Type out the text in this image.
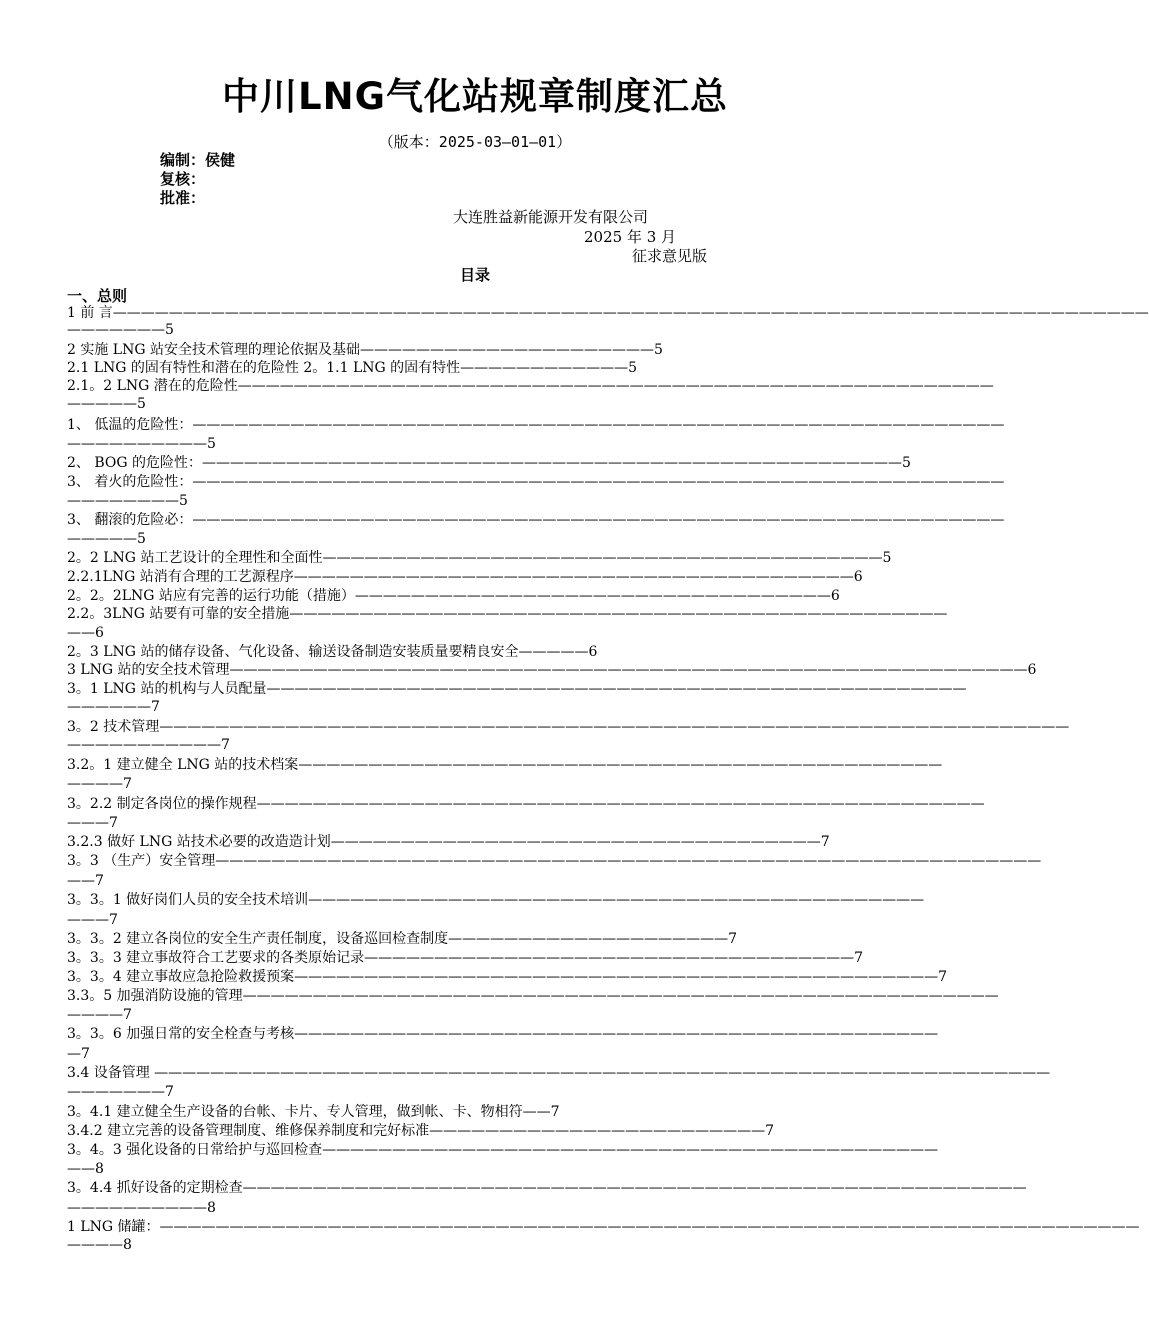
中川LNG气化站规章制度汇总
（版本：2025-03—01—01）
编制：侯健
复核：
批准：
大连胜益新能源开发有限公司
2025 年 3 月
征求意见版
目录
一、总则
1 前 言——————————————————————————————————————————————————————————————————————————
———————5
2 实施 LNG 站安全技术管理的理论依据及基础—————————————————————5
2.1 LNG 的固有特性和潜在的危险性 2。1.1 LNG 的固有特性————————————5
2.1。2 LNG 潜在的危险性——————————————————————————————————————————————————————
—————5
1、 低温的危险性：——————————————————————————————————————————————————————————
——————————5
2、 BOG 的危险性：——————————————————————————————————————————————————5
3、 着火的危险性：——————————————————————————————————————————————————————————
————————5
3、 翻滚的危险必：——————————————————————————————————————————————————————————
—————5
2。2 LNG 站工艺设计的全理性和全面性————————————————————————————————————————5
2.2.1LNG 站消有合理的工艺源程序————————————————————————————————————————6
2。2。2LNG 站应有完善的运行功能（措施）——————————————————————————————————6
2.2。3LNG 站要有可靠的安全措施———————————————————————————————————————————————
——6
2。3 LNG 站的储存设备、气化设备、输送设备制造安装质量要精良安全—————6
3 LNG 站的安全技术管理—————————————————————————————————————————————————————————6
3。1 LNG 站的机构与人员配量——————————————————————————————————————————————————
——————7
3。2 技术管理—————————————————————————————————————————————————————————————————
———————————7
3.2。1 建立健全 LNG 站的技术档案——————————————————————————————————————————————
————7
3。2.2 制定各岗位的操作规程————————————————————————————————————————————————————
———7
3.2.3 做好 LNG 站技术必要的改造造计划———————————————————————————————————7
3。3 （生产）安全管理———————————————————————————————————————————————————————————
——7
3。3。1 做好岗们人员的安全技术培训————————————————————————————————————————————
———7
3。3。2 建立各岗位的安全生产责任制度，设备巡回检查制度————————————————————7
3。3。3 建立事故符合工艺要求的各类原始记录———————————————————————————————————7
3。3。4 建立事故应急抢险救援预案——————————————————————————————————————————————7
3.3。5 加强消防设施的管理——————————————————————————————————————————————————————
————7
3。3。6 加强日常的安全栓查与考核——————————————————————————————————————————————
—7
3.4 设备管理 ————————————————————————————————————————————————————————————————
———————7
3。4.1 建立健全生产设备的台帐、卡片、专人管理，做到帐、卡、物相符——7
3.4.2 建立完善的设备管理制度、维修保养制度和完好标准————————————————————————7
3。4。3 强化设备的日常给护与巡回检查————————————————————————————————————————————
——8
3。4.4 抓好设备的定期检查————————————————————————————————————————————————————————
——————————8
1 LNG 储罐：——————————————————————————————————————————————————————————————————————
————8
